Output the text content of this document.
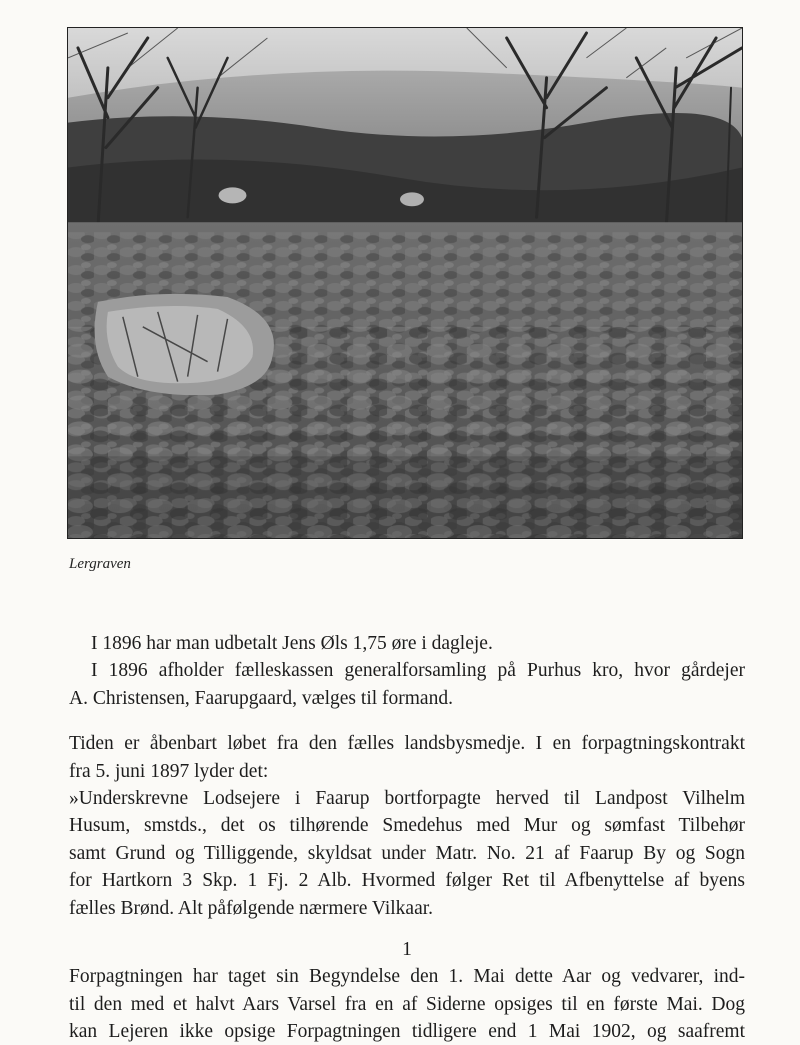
Lergraven
I 1896 har man udbetalt Jens Øls 1,75 øre i dagleje.
I 1896 afholder fælleskassen generalforsamling på Purhus kro, hvor gårdejer
A. Christensen, Faarupgaard, vælges til formand.
Tiden er åbenbart løbet fra den fælles landsbysmedje. I en forpagtningskontrakt
fra 5. juni 1897 lyder det:
»Underskrevne Lodsejere i Faarup bortforpagte herved til Landpost Vilhelm
Husum, smstds., det os tilhørende Smedehus med Mur og sømfast Tilbehør
samt Grund og Tilliggende, skyldsat under Matr. No. 21 af Faarup By og Sogn
for Hartkorn 3 Skp. 1 Fj. 2 Alb. Hvormed følger Ret til Afbenyttelse af byens
fælles Brønd. Alt påfølgende nærmere Vilkaar.
1
Forpagtningen har taget sin Begyndelse den 1. Mai dette Aar og vedvarer, ind-
til den med et halvt Aars Varsel fra en af Siderne opsiges til en første Mai. Dog
kan Lejeren ikke opsige Forpagtningen tidligere end 1 Mai 1902, og saafremt
